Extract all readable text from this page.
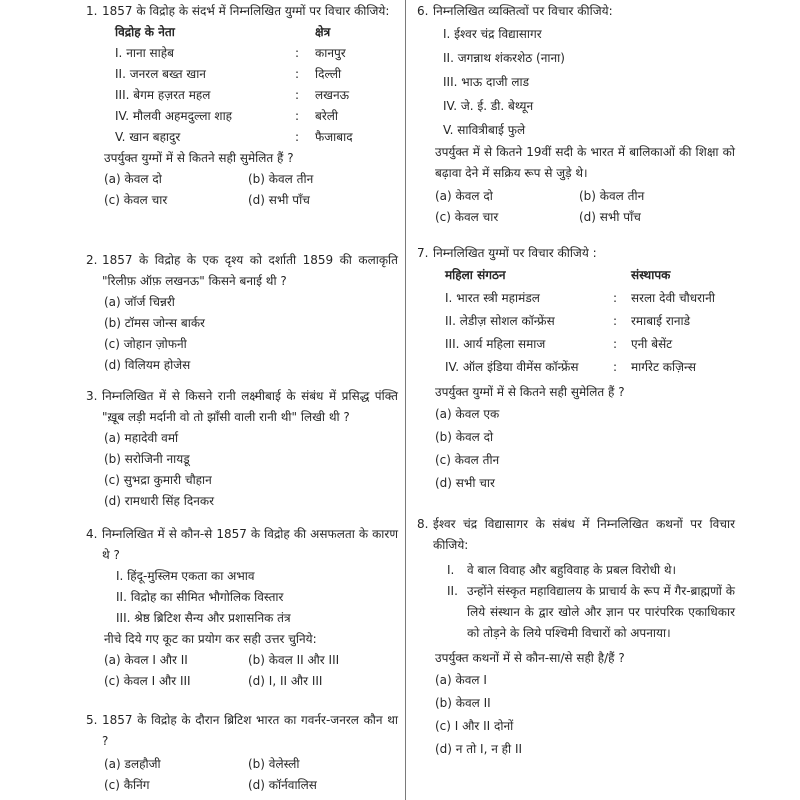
1. 1857 के विद्रोह के संदर्भ में निम्नलिखित युग्मों पर विचार कीजिये:
विद्रोह के नेता	क्षेत्र
I. नाना साहेब	:	कानपुर
II. जनरल बख्त खान	:	दिल्ली
III. बेगम हज़रत महल	:	लखनऊ
IV. मौलवी अहमदुल्ला शाह	:	बरेली
V. खान बहादुर	:	फैजाबाद
उपर्युक्त युग्मों में से कितने सही सुमेलित हैं ?
(a) केवल दो	(b) केवल तीन
(c) केवल चार	(d) सभी पाँच
2. 1857 के विद्रोह के एक दृश्य को दर्शाती 1859 की कलाकृति "रिलीफ़ ऑफ़ लखनऊ" किसने बनाई थी ?
(a) जॉर्ज चिन्नरी
(b) टॉमस जोन्स बार्कर
(c) जोहान ज़ोफनी
(d) विलियम होजेस
3. निम्नलिखित में से किसने रानी लक्ष्मीबाई के संबंध में प्रसिद्ध पंक्ति "ख़ूब लड़ी मर्दानी वो तो झाँसी वाली रानी थी" लिखी थी ?
(a) महादेवी वर्मा
(b) सरोजिनी नायडू
(c) सुभद्रा कुमारी चौहान
(d) रामधारी सिंह दिनकर
4. निम्नलिखित में से कौन-से 1857 के विद्रोह की असफलता के कारण थे ?
I. हिंदू-मुस्लिम एकता का अभाव
II. विद्रोह का सीमित भौगोलिक विस्तार
III. श्रेष्ठ ब्रिटिश सैन्य और प्रशासनिक तंत्र
नीचे दिये गए कूट का प्रयोग कर सही उत्तर चुनिये:
(a) केवल I और II	(b) केवल II और III
(c) केवल I और III	(d) I, II और III
5. 1857 के विद्रोह के दौरान ब्रिटिश भारत का गवर्नर-जनरल कौन था ?
(a) डलहौजी	(b) वेलेस्ली
(c) कैनिंग	(d) कॉर्नवालिस
6. निम्नलिखित व्यक्तित्वों पर विचार कीजिये:
I. ईश्वर चंद्र विद्यासागर
II. जगन्नाथ शंकरशेठ (नाना)
III. भाऊ दाजी लाड
IV. जे. ई. डी. बेथ्यून
V. सावित्रीबाई फुले
उपर्युक्त में से कितने 19वीं सदी के भारत में बालिकाओं की शिक्षा को बढ़ावा देने में सक्रिय रूप से जुड़े थे।
(a) केवल दो	(b) केवल तीन
(c) केवल चार	(d) सभी पाँच
7. निम्नलिखित युग्मों पर विचार कीजिये :
महिला संगठन	संस्थापक
I. भारत स्त्री महामंडल	:	सरला देवी चौधरानी
II. लेडीज़ सोशल कॉन्फ्रेंस	:	रमाबाई रानाडे
III. आर्य महिला समाज	:	एनी बेसेंट
IV. ऑल इंडिया वीमेंस कॉन्फ्रेंस	:	मार्गरेट कज़िन्स
उपर्युक्त युग्मों में से कितने सही सुमेलित हैं ?
(a) केवल एक
(b) केवल दो
(c) केवल तीन
(d) सभी चार
8. ईश्वर चंद्र विद्यासागर के संबंध में निम्नलिखित कथनों पर विचार कीजिये:
I. वे बाल विवाह और बहुविवाह के प्रबल विरोधी थे।
II. उन्होंने संस्कृत महाविद्यालय के प्राचार्य के रूप में गैर-ब्राह्मणों के लिये संस्थान के द्वार खोले और ज्ञान पर पारंपरिक एकाधिकार को तोड़ने के लिये पश्चिमी विचारों को अपनाया।
उपर्युक्त कथनों में से कौन-सा/से सही है/हैं ?
(a) केवल I
(b) केवल II
(c) I और II दोनों
(d) न तो I, न ही II
